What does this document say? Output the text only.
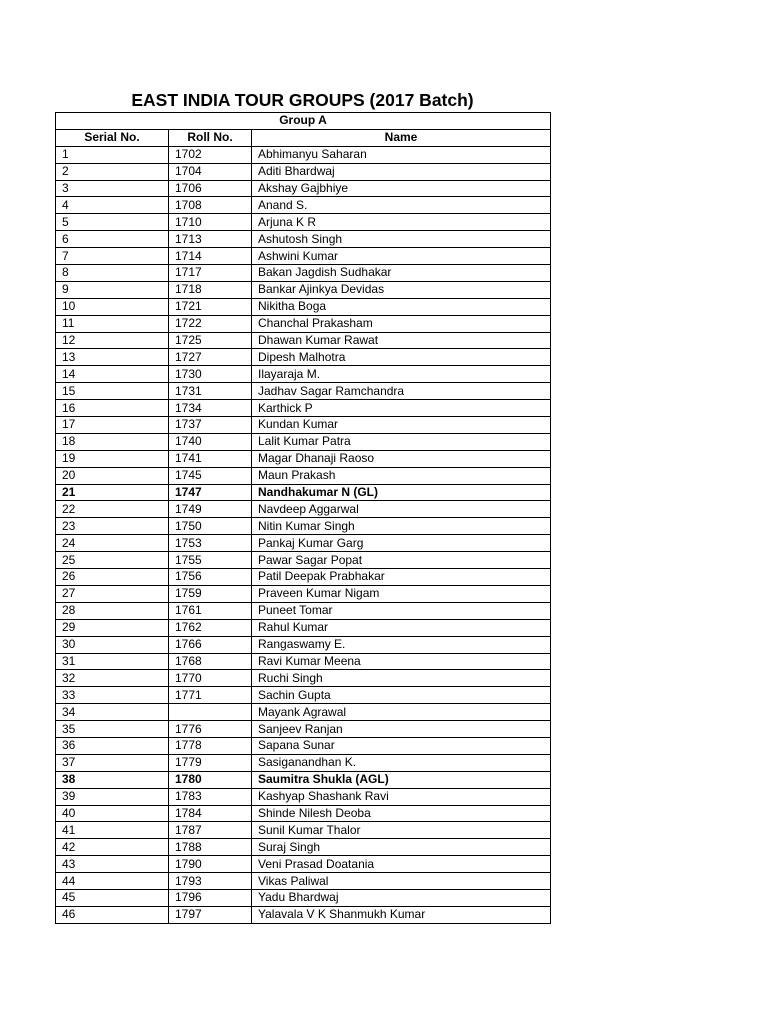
EAST INDIA TOUR GROUPS (2017 Batch)
Group A		
Serial No.	Roll No.	Name
1	1702	Abhimanyu Saharan
2	1704	Aditi Bhardwaj
3	1706	Akshay Gajbhiye
4	1708	Anand S.
5	1710	Arjuna K R
6	1713	Ashutosh Singh
7	1714	Ashwini Kumar
8	1717	Bakan Jagdish Sudhakar
9	1718	Bankar Ajinkya Devidas
10	1721	Nikitha Boga
11	1722	Chanchal Prakasham
12	1725	Dhawan Kumar Rawat
13	1727	Dipesh Malhotra
14	1730	Ilayaraja M.
15	1731	Jadhav Sagar Ramchandra
16	1734	Karthick P
17	1737	Kundan Kumar
18	1740	Lalit Kumar Patra
19	1741	Magar Dhanaji Raoso
20	1745	Maun Prakash
21	1747	Nandhakumar N (GL)
22	1749	Navdeep Aggarwal
23	1750	Nitin Kumar Singh
24	1753	Pankaj Kumar Garg
25	1755	Pawar Sagar Popat
26	1756	Patil Deepak Prabhakar
27	1759	Praveen Kumar Nigam
28	1761	Puneet Tomar
29	1762	Rahul Kumar
30	1766	Rangaswamy E.
31	1768	Ravi Kumar Meena
32	1770	Ruchi Singh
33	1771	Sachin Gupta
34		Mayank Agrawal
35	1776	Sanjeev Ranjan
36	1778	Sapana Sunar
37	1779	Sasiganandhan K.
38	1780	Saumitra Shukla (AGL)
39	1783	Kashyap Shashank Ravi
40	1784	Shinde Nilesh Deoba
41	1787	Sunil Kumar Thalor
42	1788	Suraj Singh
43	1790	Veni Prasad Doatania
44	1793	Vikas Paliwal
45	1796	Yadu Bhardwaj
46	1797	Yalavala V K Shanmukh Kumar
